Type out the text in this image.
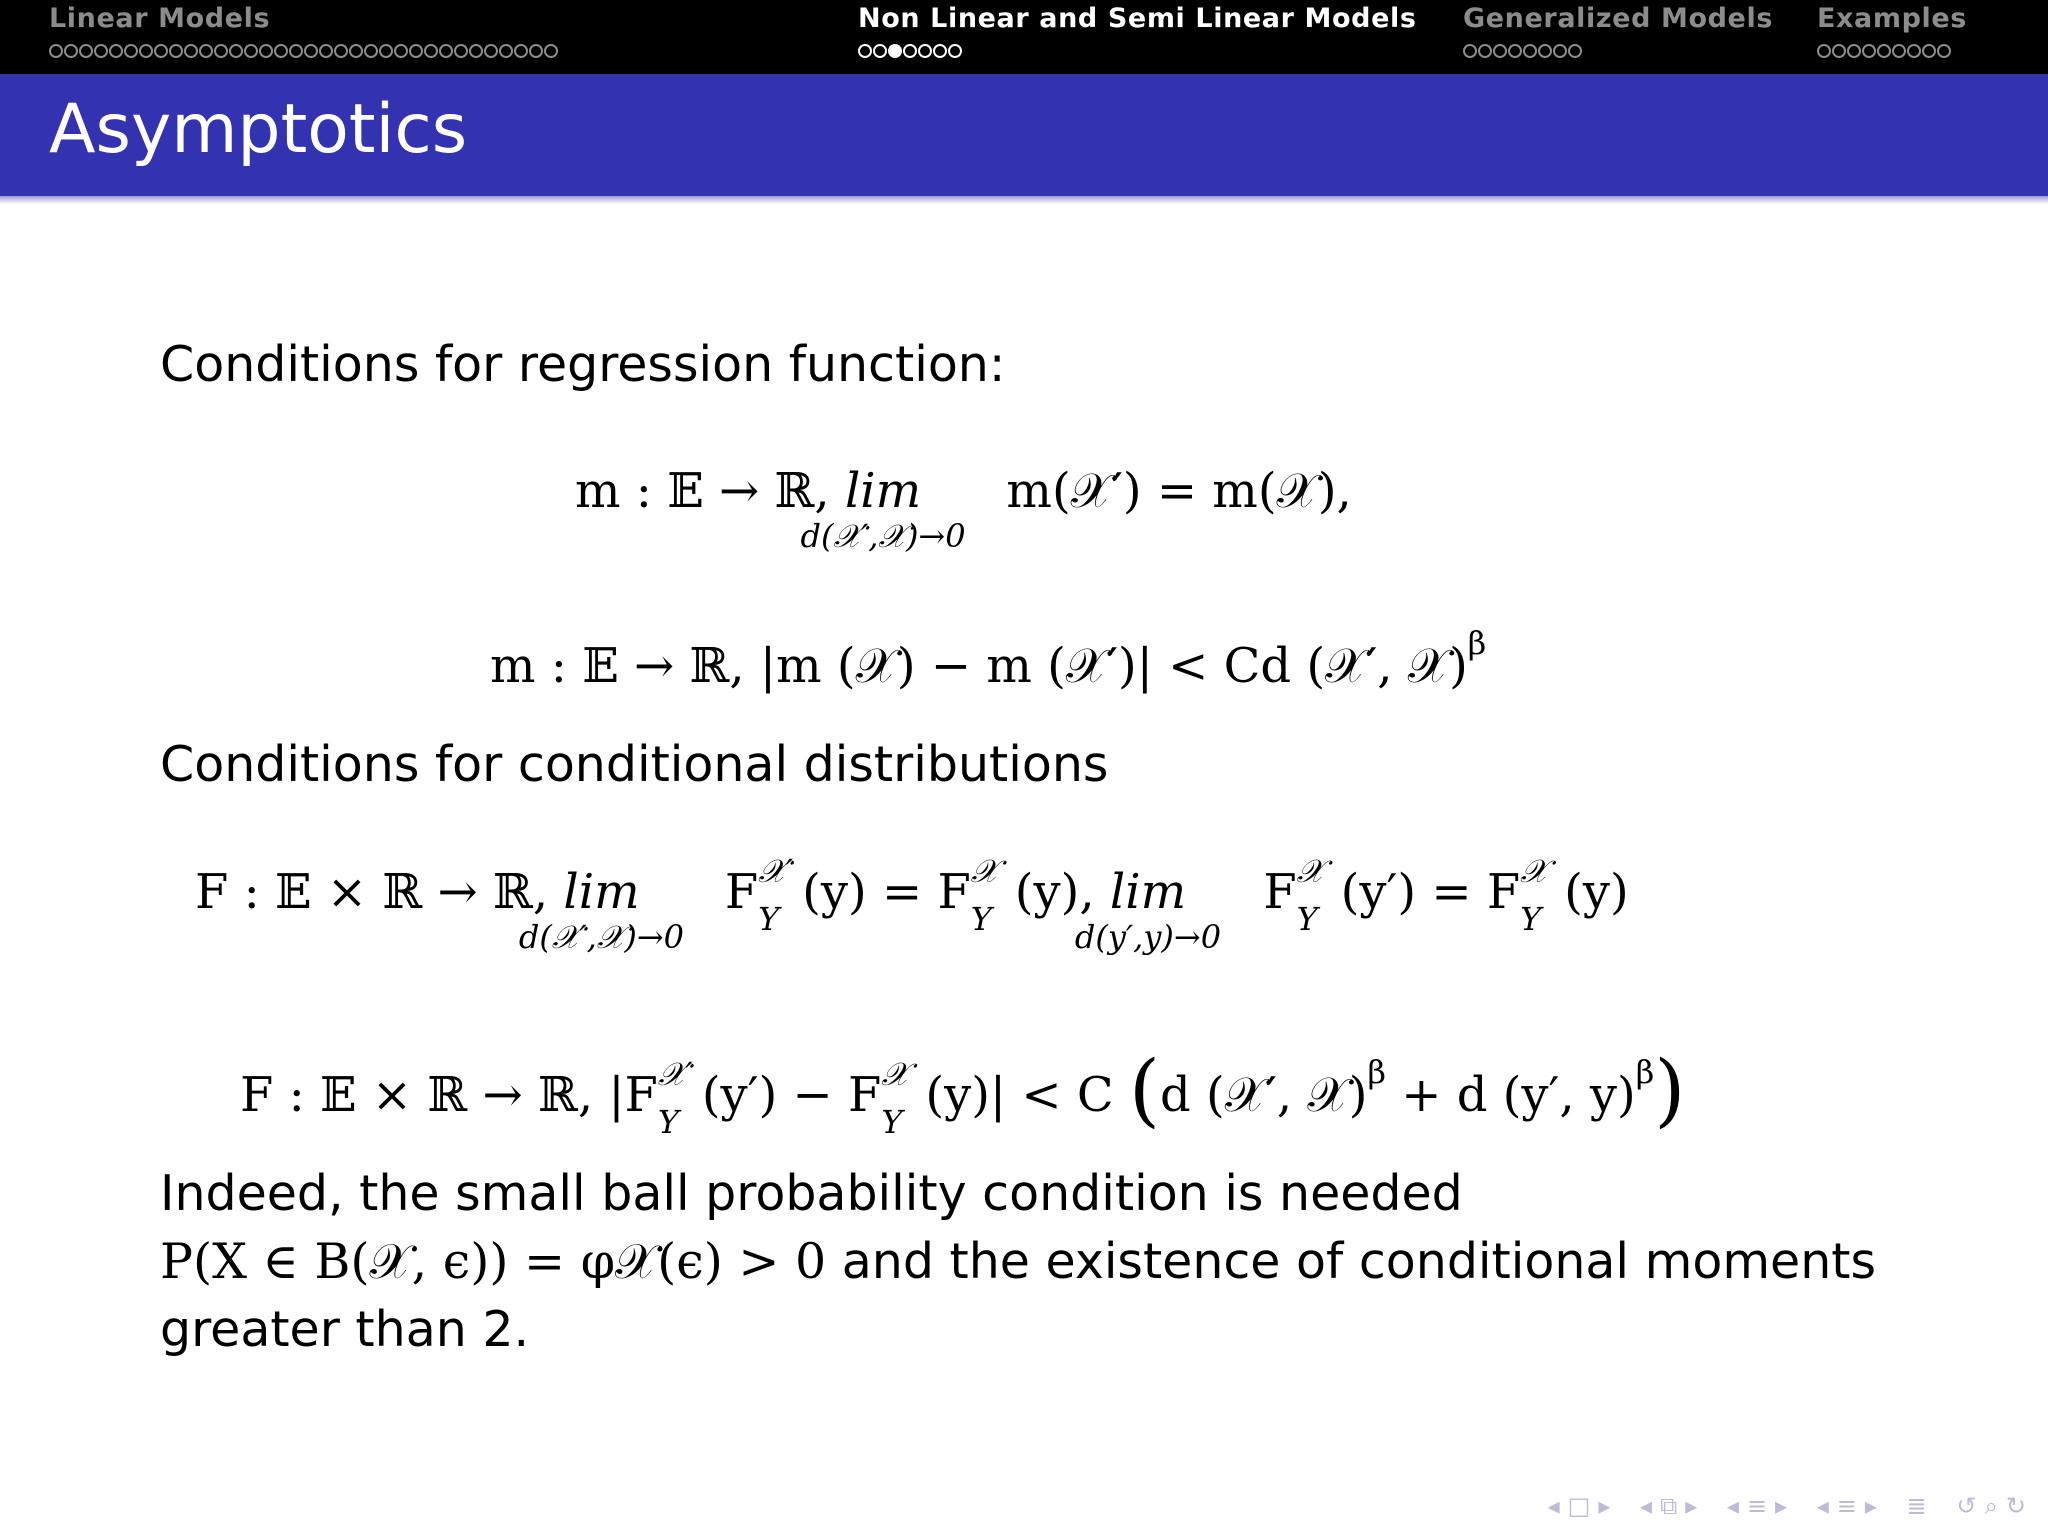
Linear Models	Non Linear and Semi Linear Models Generalized Models Examples
Asymptotics
Conditions for regression function:
m : 𝔼 → ℝ, lim
d(𝒳′,𝒳)→0
m(𝒳′) = m(𝒳),
m : 𝔼 → ℝ, |m (𝒳) − m (𝒳′)| < Cd (𝒳′, 𝒳)$^\beta$
Conditions for conditional distributions
F : 𝔼 × ℝ → ℝ, lim
d(𝒳′,𝒳)→0
F 𝒳′
Y (y) = F 𝒳
Y (y), lim
d(y′,y)→0
F 𝒳
Y (y′) = F 𝒳
Y (y)
F : 𝔼 × ℝ → ℝ, |F 𝒳′
Y (y′) − F 𝒳
Y (y)| < C (d (𝒳′, 𝒳)$^\beta$ + d (y′, y)$^\beta$)
Indeed, the small ball probability condition is needed
P(X ∈ B(𝒳, ϵ)) = φ𝒳(ϵ) > 0 and the existence of conditional moments
greater than 2.
◂ □ ▸ ◂ ⧉ ▸ ◂ ≡ ▸ ◂ ≡ ▸ ≣ ↺ ⌕ ↻
